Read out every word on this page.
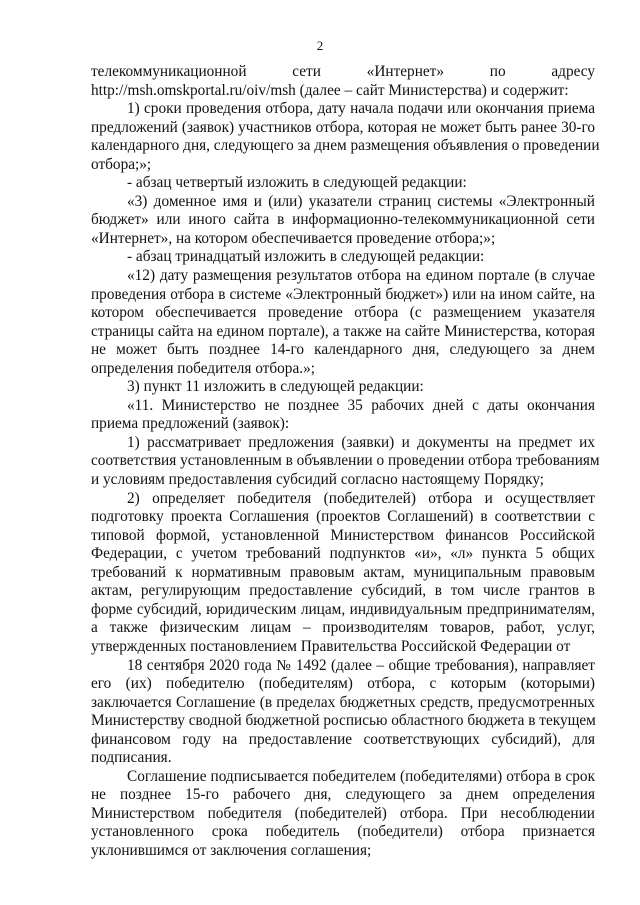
2
телекоммуникационной сети «Интернет» по адресу
http://msh.omskportal.ru/oiv/msh (далее – сайт Министерства) и содержит:
1) сроки проведения отбора, дату начала подачи или окончания приема
предложений (заявок) участников отбора, которая не может быть ранее 30-го
календарного дня, следующего за днем размещения объявления о проведении
отбора;»;
- абзац четвертый изложить в следующей редакции:
«3) доменное имя и (или) указатели страниц системы «Электронный
бюджет» или иного сайта в информационно-телекоммуникационной сети
«Интернет», на котором обеспечивается проведение отбора;»;
- абзац тринадцатый изложить в следующей редакции:
«12) дату размещения результатов отбора на едином портале (в случае
проведения отбора в системе «Электронный бюджет») или на ином сайте, на
котором обеспечивается проведение отбора (с размещением указателя
страницы сайта на едином портале), а также на сайте Министерства, которая
не может быть позднее 14-го календарного дня, следующего за днем
определения победителя отбора.»;
3) пункт 11 изложить в следующей редакции:
«11. Министерство не позднее 35 рабочих дней с даты окончания
приема предложений (заявок):
1) рассматривает предложения (заявки) и документы на предмет их
соответствия установленным в объявлении о проведении отбора требованиям
и условиям предоставления субсидий согласно настоящему Порядку;
2) определяет победителя (победителей) отбора и осуществляет
подготовку проекта Соглашения (проектов Соглашений) в соответствии с
типовой формой, установленной Министерством финансов Российской
Федерации, с учетом требований подпунктов «и», «л» пункта 5 общих
требований к нормативным правовым актам, муниципальным правовым
актам, регулирующим предоставление субсидий, в том числе грантов в
форме субсидий, юридическим лицам, индивидуальным предпринимателям,
а также физическим лицам – производителям товаров, работ, услуг,
утвержденных постановлением Правительства Российской Федерации от
18 сентября 2020 года № 1492 (далее – общие требования), направляет
его (их) победителю (победителям) отбора, с которым (которыми)
заключается Соглашение (в пределах бюджетных средств, предусмотренных
Министерству сводной бюджетной росписью областного бюджета в текущем
финансовом году на предоставление соответствующих субсидий), для
подписания.
Соглашение подписывается победителем (победителями) отбора в срок
не позднее 15-го рабочего дня, следующего за днем определения
Министерством победителя (победителей) отбора. При несоблюдении
установленного срока победитель (победители) отбора признается
уклонившимся от заключения соглашения;
